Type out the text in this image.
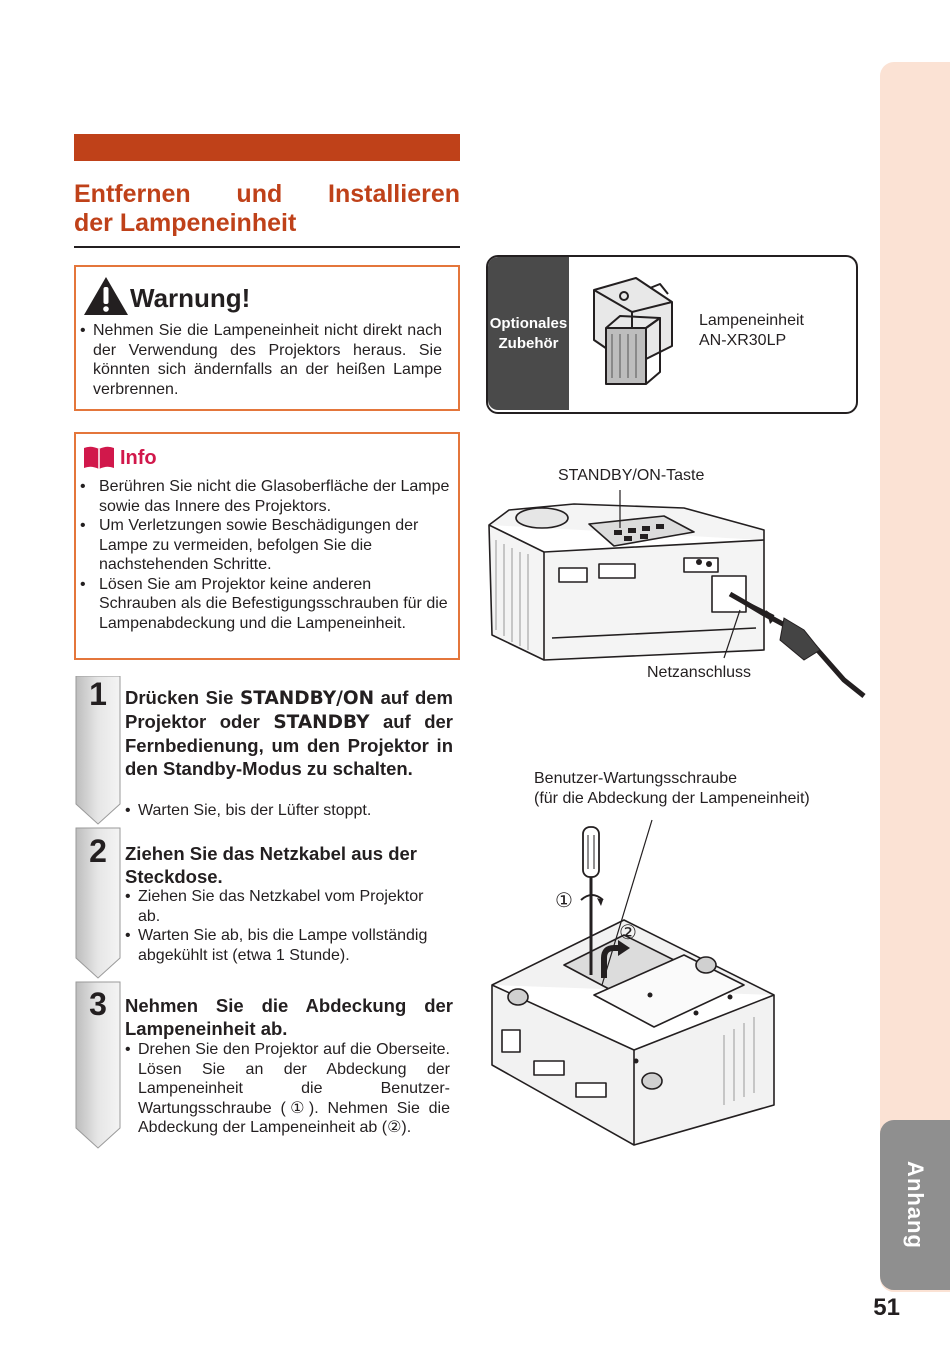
Anhang
51
Entfernen und Installieren
der Lampeneinheit
Warnung!
• Nehmen Sie die Lampeneinheit nicht direkt nach der Verwendung des Projektors heraus. Sie könnten sich ändernfalls an der heißen Lampe verbrennen.
Info
• Berühren Sie nicht die Glasoberfläche der Lampe sowie das Innere des Projektors.
• Um Verletzungen sowie Beschädigungen der Lampe zu vermeiden, befolgen Sie die nachstehenden Schritte.
• Lösen Sie am Projektor keine anderen Schrauben als die Befestigungsschrauben für die Lampenabdeckung und die Lampeneinheit.
1 Drücken Sie STANDBY/ON auf dem Projektor oder STANDBY auf der Fernbedienung, um den Projektor in den Standby-Modus zu schalten.
• Warten Sie, bis der Lüfter stoppt.
2 Ziehen Sie das Netzkabel aus der Steckdose.
• Ziehen Sie das Netzkabel vom Projektor ab.
• Warten Sie ab, bis die Lampe vollständig abgekühlt ist (etwa 1 Stunde).
3 Nehmen Sie die Abdeckung der Lampeneinheit ab.
• Drehen Sie den Projektor auf die Oberseite. Lösen Sie an der Abdeckung der Lampeneinheit die Benutzer-Wartungsschraube (①). Nehmen Sie die Abdeckung der Lampeneinheit ab (②).
Optionales
Zubehör
Lampeneinheit
AN-XR30LP
STANDBY/ON-Taste
Netzanschluss
Benutzer-Wartungsschraube
(für die Abdeckung der Lampeneinheit)
①
②
